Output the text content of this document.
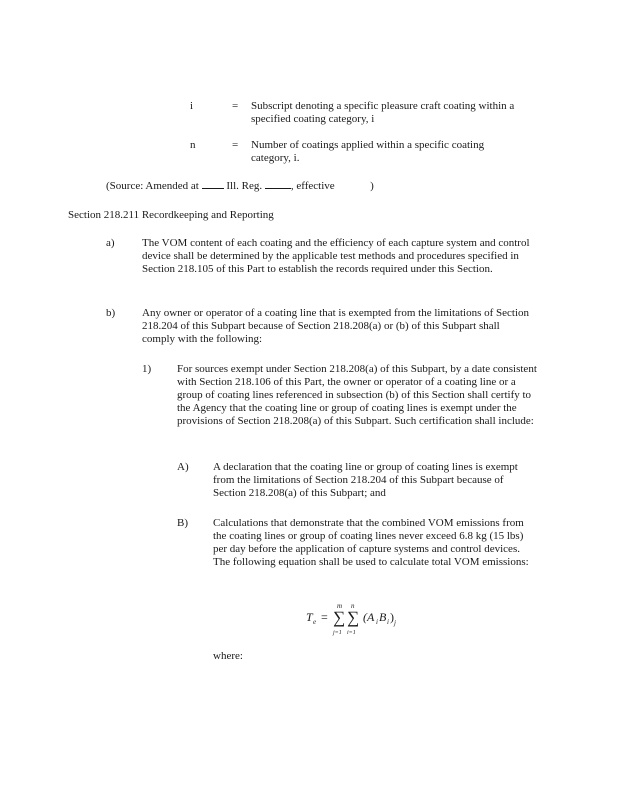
i	= Subscript denoting a specific pleasure craft coating within a specified coating category, i
n	= Number of coatings applied within a specific coating category, i.
(Source: Amended at	Ill. Reg.	, effective	)
Section 218.211 Recordkeeping and Reporting
a) The VOM content of each coating and the efficiency of each capture system and control device shall be determined by the applicable test methods and procedures specified in Section 218.105 of this Part to establish the records required under this Section.
b) Any owner or operator of a coating line that is exempted from the limitations of Section 218.204 of this Subpart because of Section 218.208(a) or (b) of this Subpart shall comply with the following:
1) For sources exempt under Section 218.208(a) of this Subpart, by a date consistent with Section 218.106 of this Part, the owner or operator of a coating line or a group of coating lines referenced in subsection (b) of this Section shall certify to the Agency that the coating line or group of coating lines is exempt under the provisions of Section 218.208(a) of this Subpart. Such certification shall include:
A) A declaration that the coating line or group of coating lines is exempt from the limitations of Section 218.204 of this Subpart because of Section 218.208(a) of this Subpart; and
B) Calculations that demonstrate that the combined VOM emissions from the coating lines or group of coating lines never exceed 6.8 kg (15 lbs) per day before the application of capture systems and control devices. The following equation shall be used to calculate total VOM emissions:
T e =
m
∑
j=1
n
∑
i=1
(A i B i ) j
where:
